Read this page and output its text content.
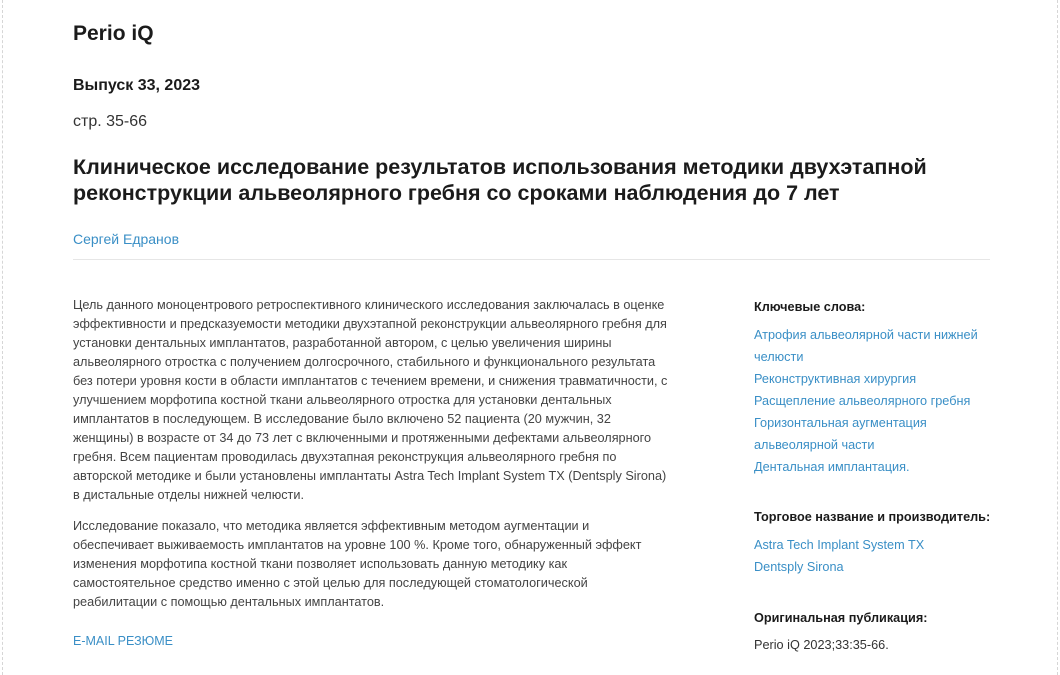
Perio iQ
Выпуск 33, 2023
стр. 35-66
Клиническое исследование результатов использования методики двухэтапной реконструкции альвеолярного гребня со сроками наблюдения до 7 лет
Сергей Едранов

Цель данного моноцентрового ретроспективного клинического исследования заключалась в оценке эффективности и предсказуемости методики двухэтапной реконструкции альвеолярного гребня для установки дентальных имплантатов, разработанной автором, с целью увеличения ширины альвеолярного отростка с получением долгосрочного, стабильного и функционального результата без потери уровня кости в области имплантатов с течением времени, и снижения травматичности, с улучшением морфотипа костной ткани альвеолярного отростка для установки дентальных имплантатов в последующем. В исследование было включено 52 пациента (20 мужчин, 32 женщины) в возрасте от 34 до 73 лет с включенными и протяженными дефектами альвеолярного гребня. Всем пациентам проводилась двухэтапная реконструкция альвеолярного гребня по авторской методике и были установлены имплантаты Astra Tech Implant System TX (Dentsply Sirona) в дистальные отделы нижней челюсти.

Исследование показало, что методика является эффективным методом аугментации и обеспечивает выживаемость имплантатов на уровне 100 %. Кроме того, обнаруженный эффект изменения морфотипа костной ткани позволяет использовать данную методику как самостоятельное средство именно с этой целью для последующей стоматологической реабилитации с помощью дентальных имплантатов.

E-MAIL РЕЗЮМЕ
Ключевые слова:
Атрофия альвеолярной части нижней челюсти
Реконструктивная хирургия
Расщепление альвеолярного гребня
Горизонтальная аугментация альвеолярной части
Дентальная имплантация.
Торговое название и производитель:
Astra Tech Implant System TX
Dentsply Sirona
Оригинальная публикация:
Perio iQ 2023;33:35-66.
